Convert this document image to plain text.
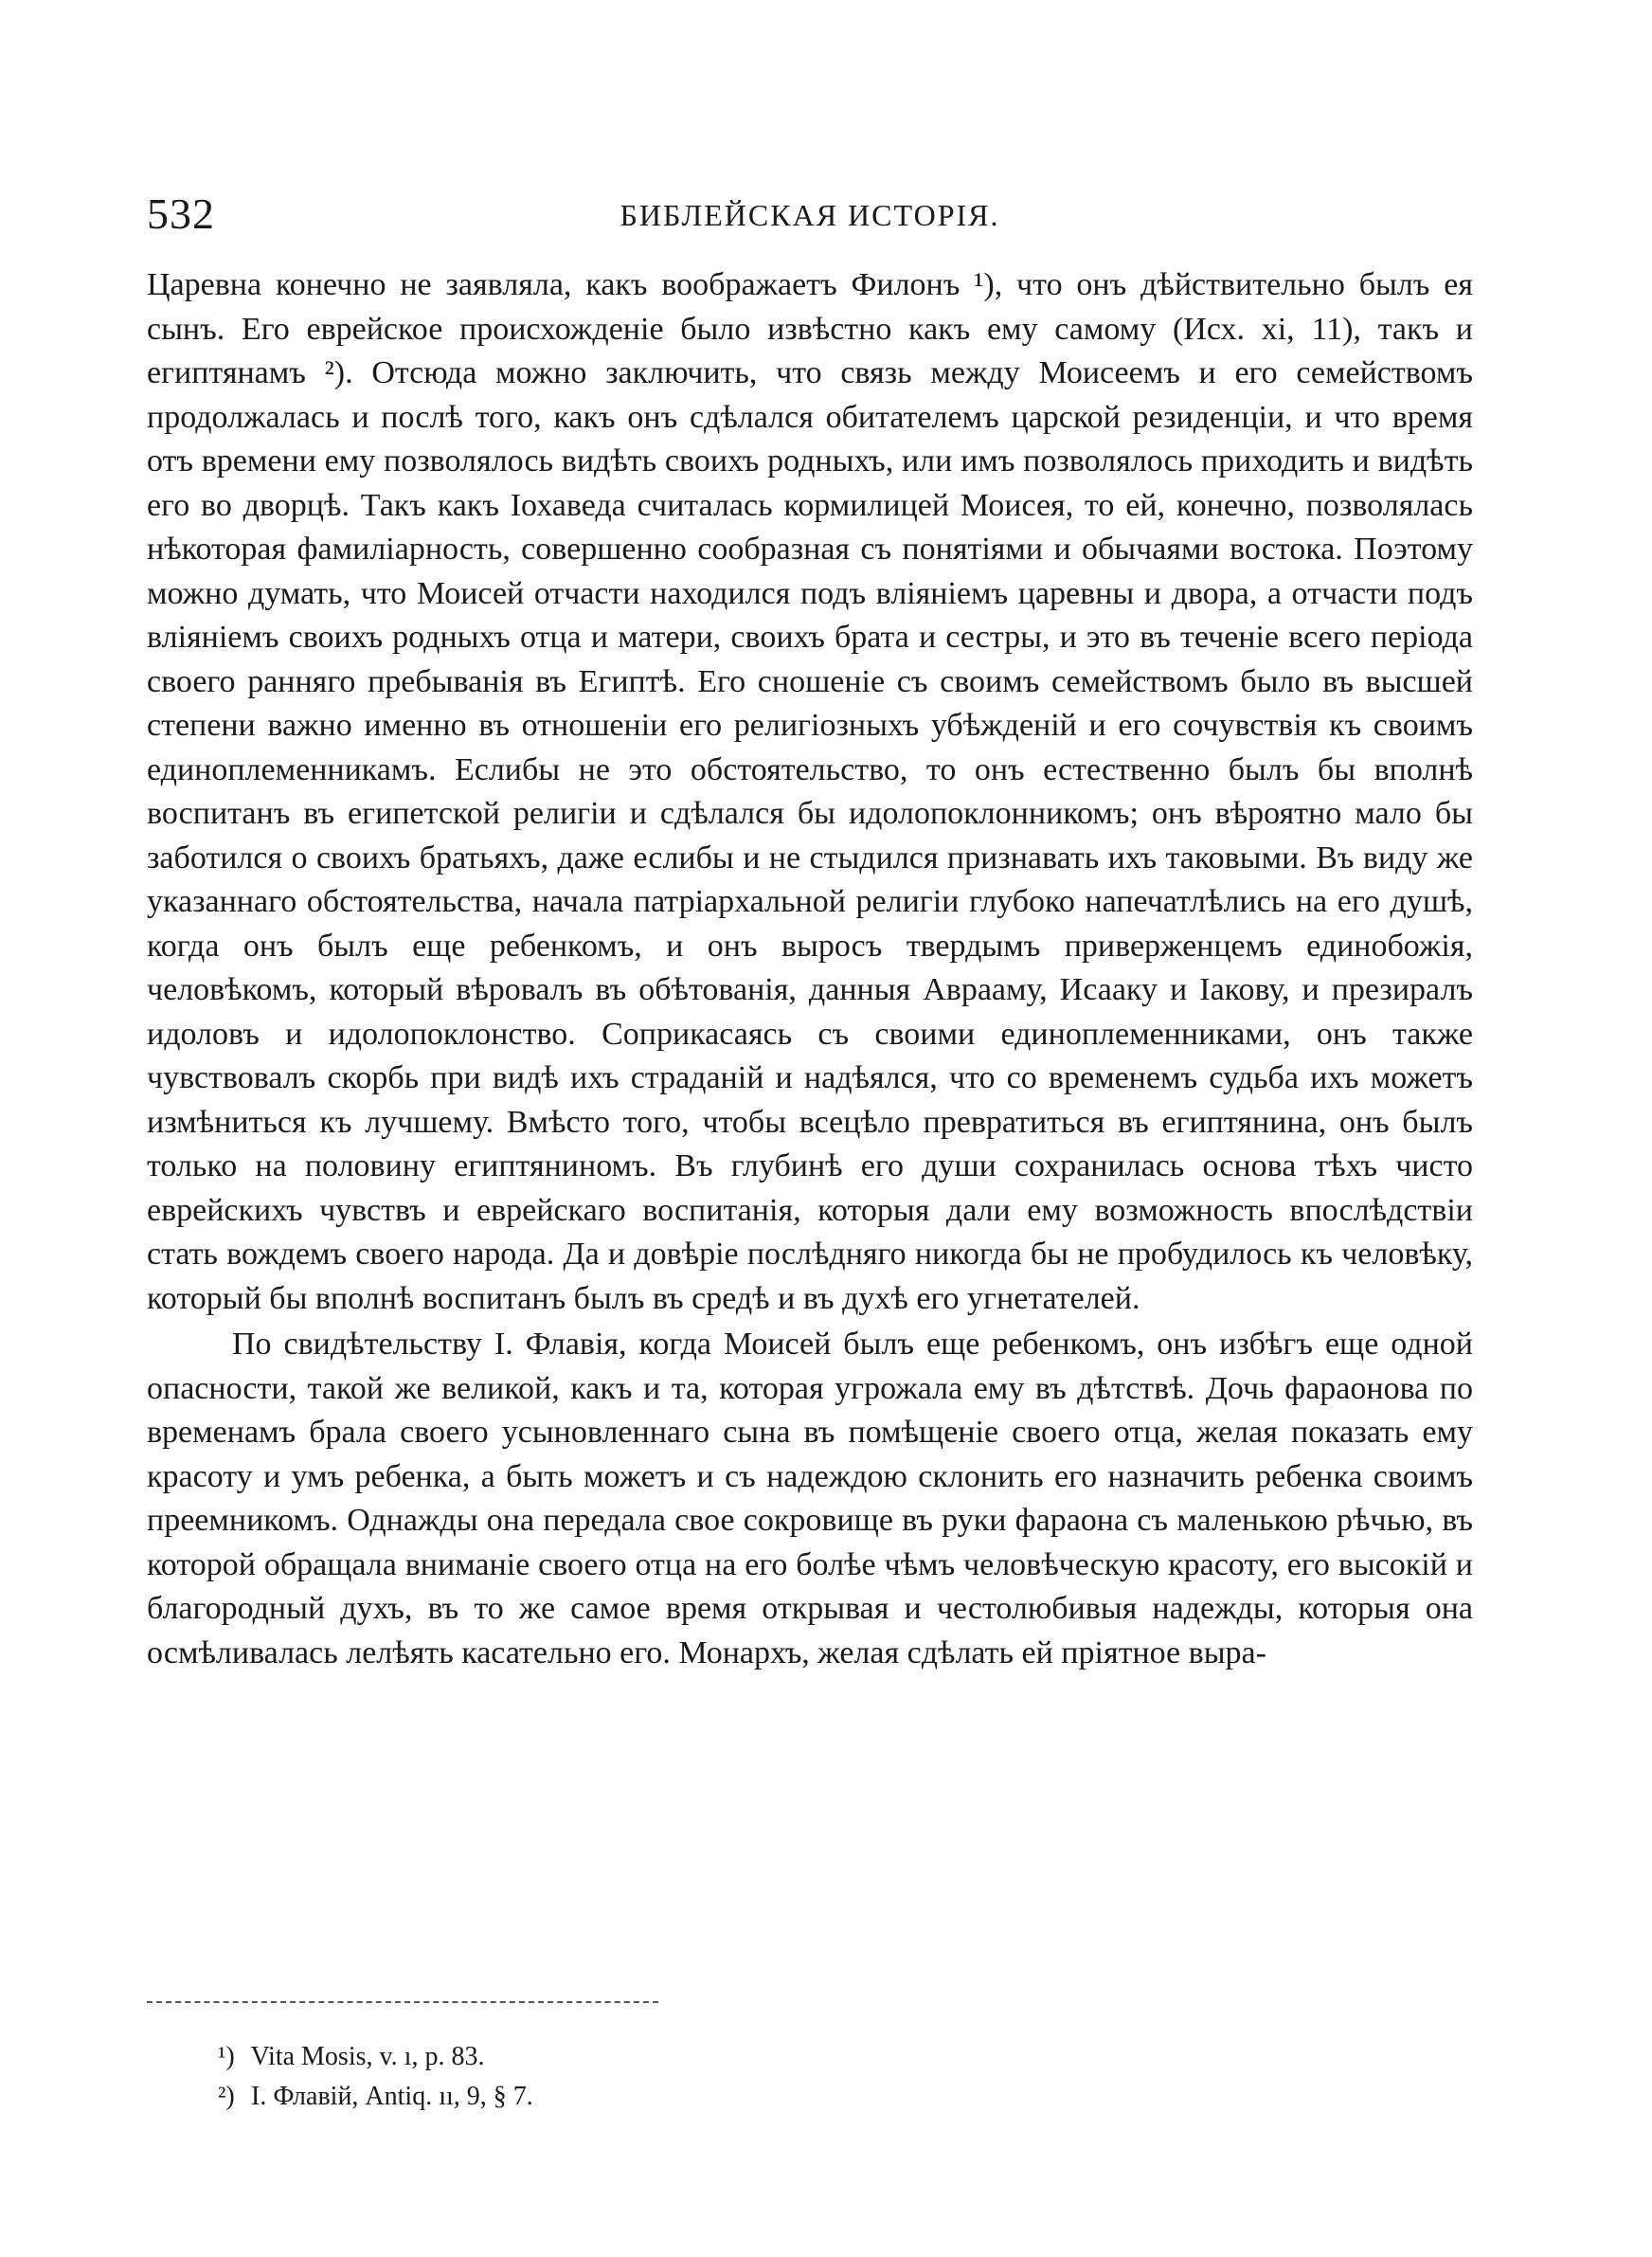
532	БИБЛЕЙСКАЯ ИСТОРІЯ.

Царевна конечно не заявляла, какъ воображаетъ Филонъ ¹), что онъ дѣйствительно былъ ея сынъ. Его еврейское происхожденіе было извѣстно какъ ему самому (Исх. xi, 11), такъ и египтянамъ ²). Отсюда можно заключить, что связь между Моисеемъ и его семействомъ продолжалась и послѣ того, какъ онъ сдѣлался обитателемъ царской резиденціи, и что время отъ времени ему позволялось видѣть своихъ родныхъ, или имъ позволялось приходить и видѣть его во дворцѣ. Такъ какъ Іохаведа считалась кормилицей Моисея, то ей, конечно, позволялась нѣкоторая фамиліарность, совершенно сообразная съ понятіями и обычаями востока. Поэтому можно думать, что Моисей отчасти находился подъ вліяніемъ царевны и двора, а отчасти подъ вліяніемъ своихъ родныхъ отца и матери, своихъ брата и сестры, и это въ теченіе всего періода своего ранняго пребыванія въ Египтѣ. Его сношеніе съ своимъ семействомъ было въ высшей степени важно именно въ отношеніи его религіозныхъ убѣжденій и его сочувствія къ своимъ единоплеменникамъ. Еслибы не это обстоятельство, то онъ естественно былъ бы вполнѣ воспитанъ въ египетской религіи и сдѣлался бы идолопоклонникомъ; онъ вѣроятно мало бы заботился о своихъ братьяхъ, даже еслибы и не стыдился признавать ихъ таковыми. Въ виду же указаннаго обстоятельства, начала патріархальной религіи глубоко напечатлѣлись на его душѣ, когда онъ былъ еще ребенкомъ, и онъ выросъ твердымъ приверженцемъ единобожія, человѣкомъ, который вѣровалъ въ обѣтованія, данныя Аврааму, Исааку и Іакову, и презиралъ идоловъ и идолопоклонство. Соприкасаясь съ своими единоплеменниками, онъ также чувствовалъ скорбь при видѣ ихъ страданій и надѣялся, что со временемъ судьба ихъ можетъ измѣниться къ лучшему. Вмѣсто того, чтобы всецѣло превратиться въ египтянина, онъ былъ только на половину египтяниномъ. Въ глубинѣ его души сохранилась основа тѣхъ чисто еврейскихъ чувствъ и еврейскаго воспитанія, которыя дали ему возможность впослѣдствіи стать вождемъ своего народа. Да и довѣріе послѣдняго никогда бы не пробудилось къ человѣку, который бы вполнѣ воспитанъ былъ въ средѣ и въ духѣ его угнетателей.

По свидѣтельству І. Флавія, когда Моисей былъ еще ребенкомъ, онъ избѣгъ еще одной опасности, такой же великой, какъ и та, которая угрожала ему въ дѣтствѣ. Дочь фараонова по временамъ брала своего усыновленнаго сына въ помѣщеніе своего отца, желая показать ему красоту и умъ ребенка, а быть можетъ и съ надеждою склонить его назначить ребенка своимъ преемникомъ. Однажды она передала свое сокровище въ руки фараона съ маленькою рѣчью, въ которой обращала вниманіе своего отца на его болѣе чѣмъ человѣческую красоту, его высокій и благородный духъ, въ то же самое время открывая и честолюбивыя надежды, которыя она осмѣливалась лелѣять касательно его. Монархъ, желая сдѣлать ей пріятное выра-

¹) Vita Mosis, v. ı, p. 83.

²) І. Флавій, Antiq. ıı, 9, § 7.
